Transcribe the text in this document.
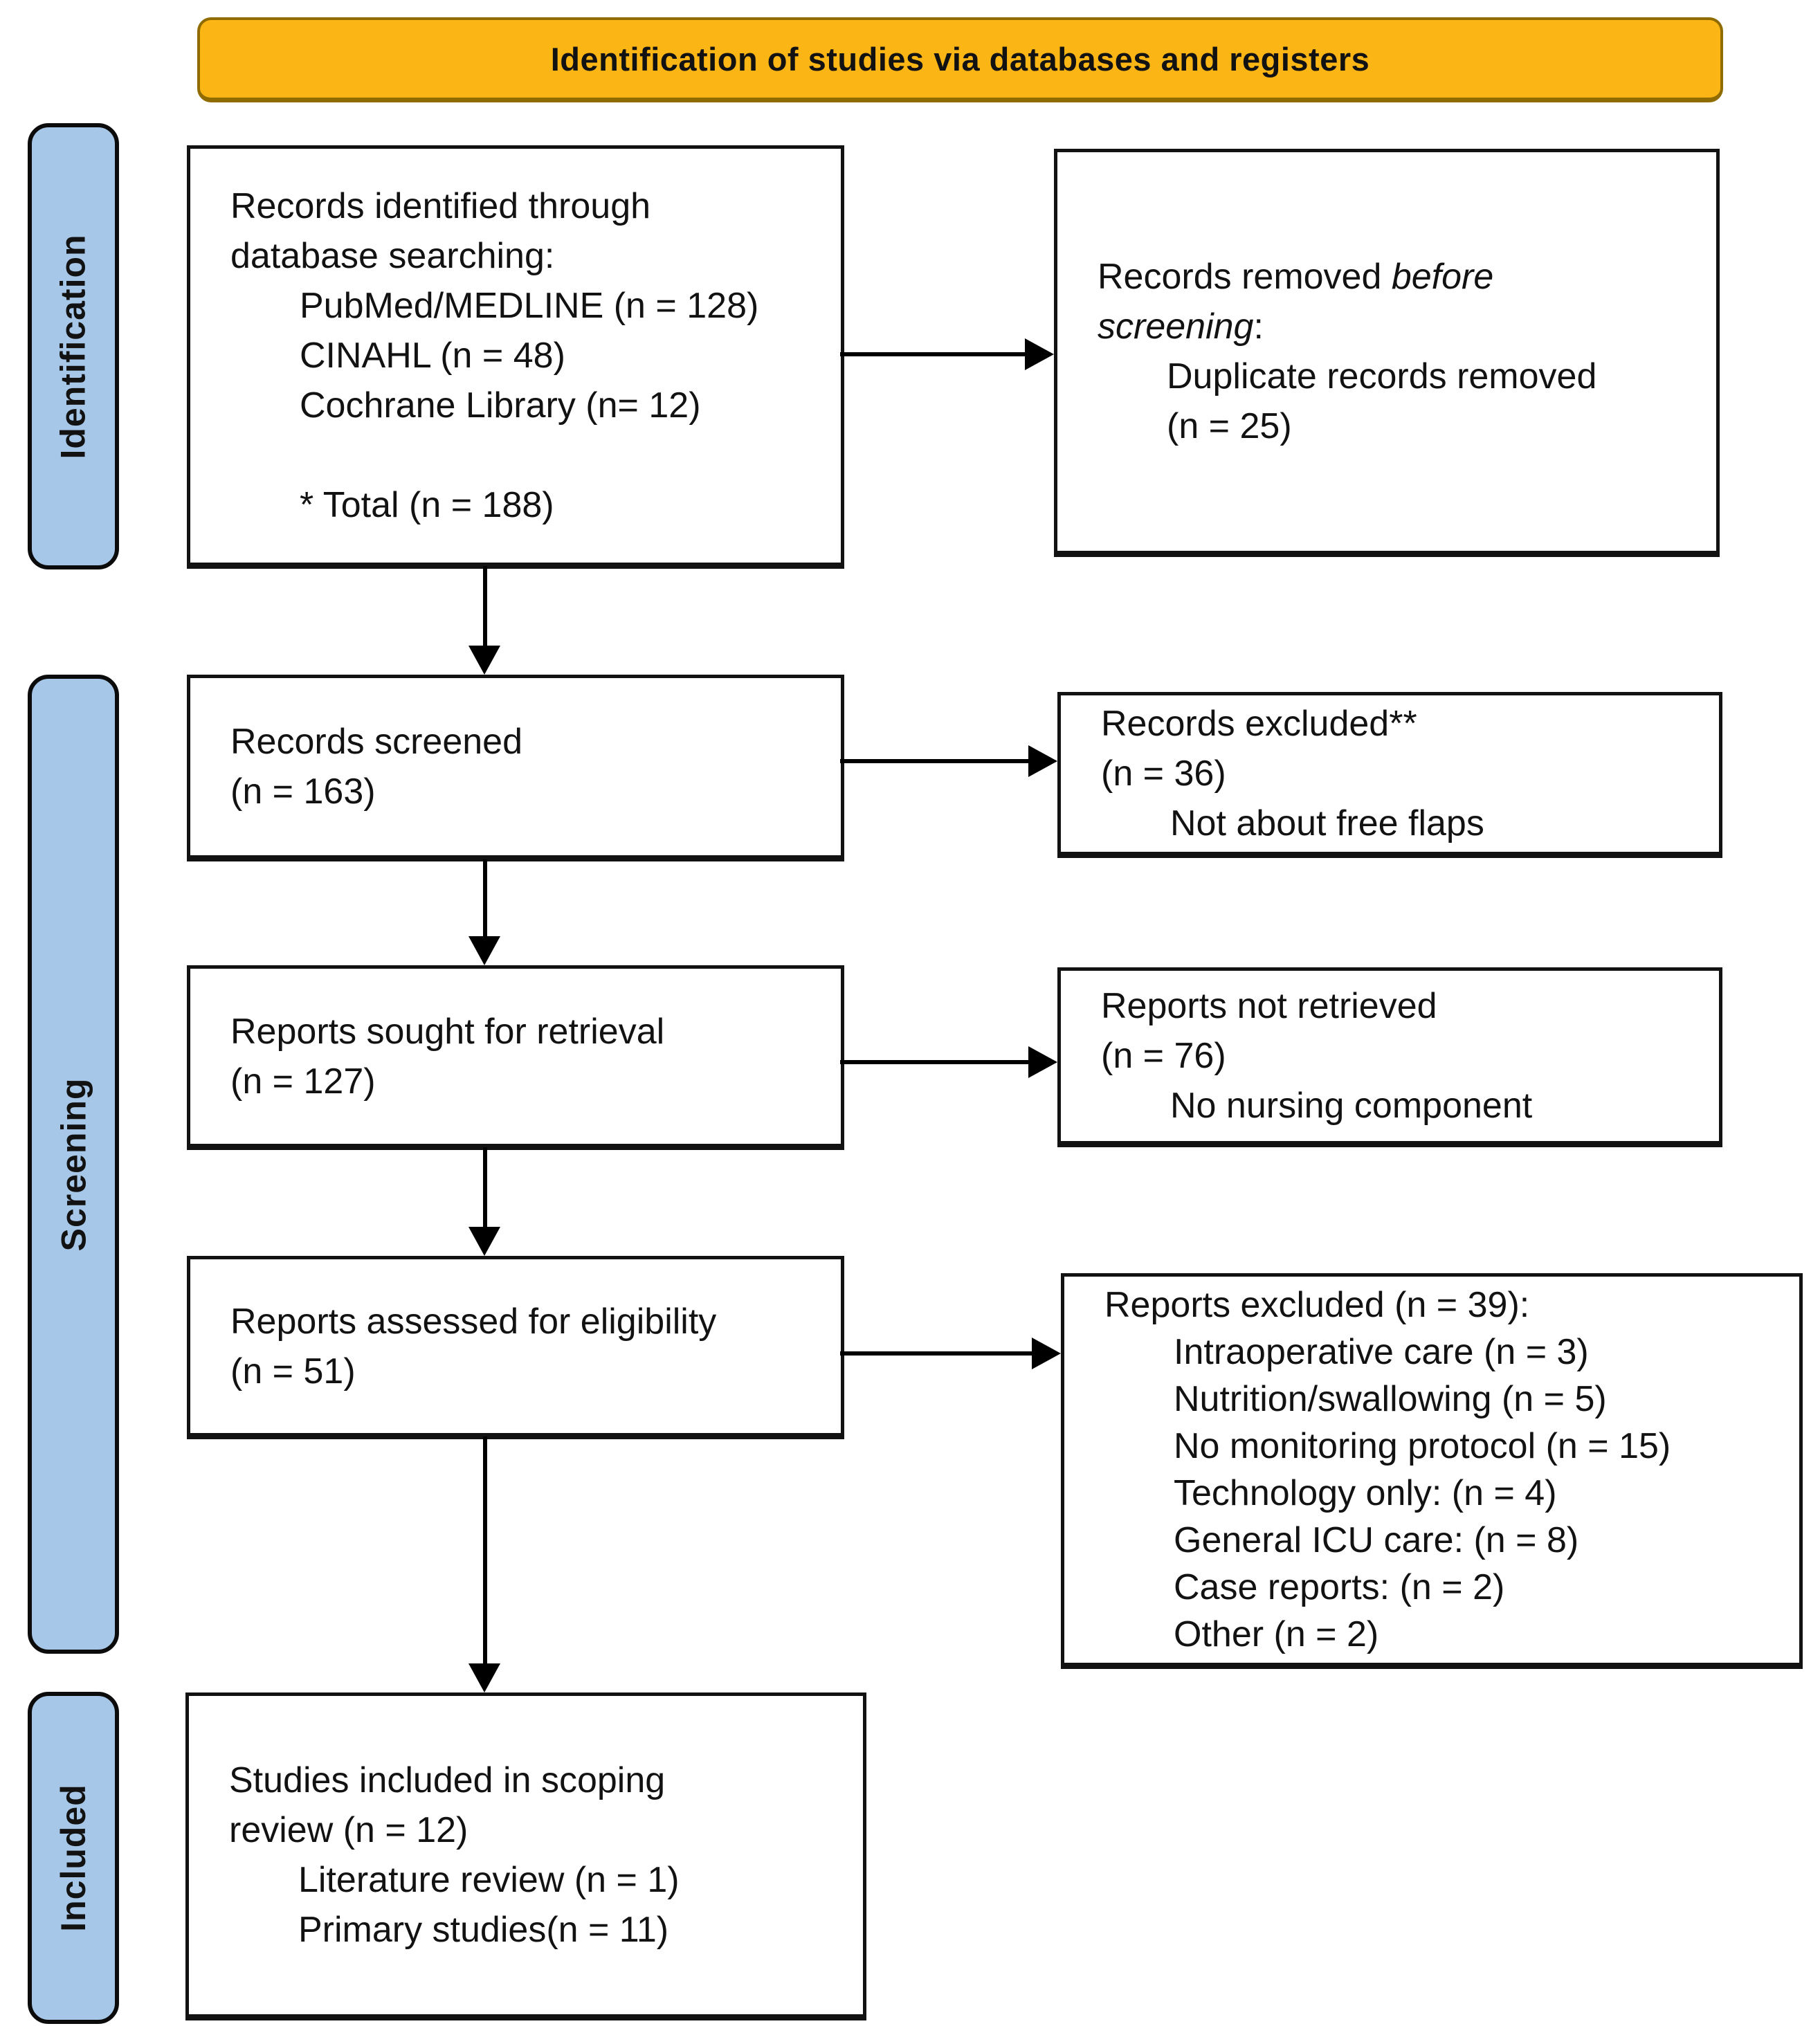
Identification of studies via databases and registers
Identification
Screening
Included
Records identified through
database searching:
PubMed/MEDLINE (n = 128)
CINAHL (n = 48)
Cochrane Library (n= 12)

* Total (n = 188)
Records removed before
screening:
Duplicate records removed
(n = 25)
Records screened
(n = 163)
Records excluded**
(n = 36)
Not about free flaps
Reports sought for retrieval
(n = 127)
Reports not retrieved
(n = 76)
No nursing component
Reports assessed for eligibility
(n = 51)
Reports excluded (n = 39):
Intraoperative care (n = 3)
Nutrition/swallowing (n = 5)
No monitoring protocol (n = 15)
Technology only: (n = 4)
General ICU care: (n = 8)
Case reports: (n = 2)
Other (n = 2)
Studies included in scoping
review (n = 12)
Literature review (n = 1)
Primary studies(n = 11)
